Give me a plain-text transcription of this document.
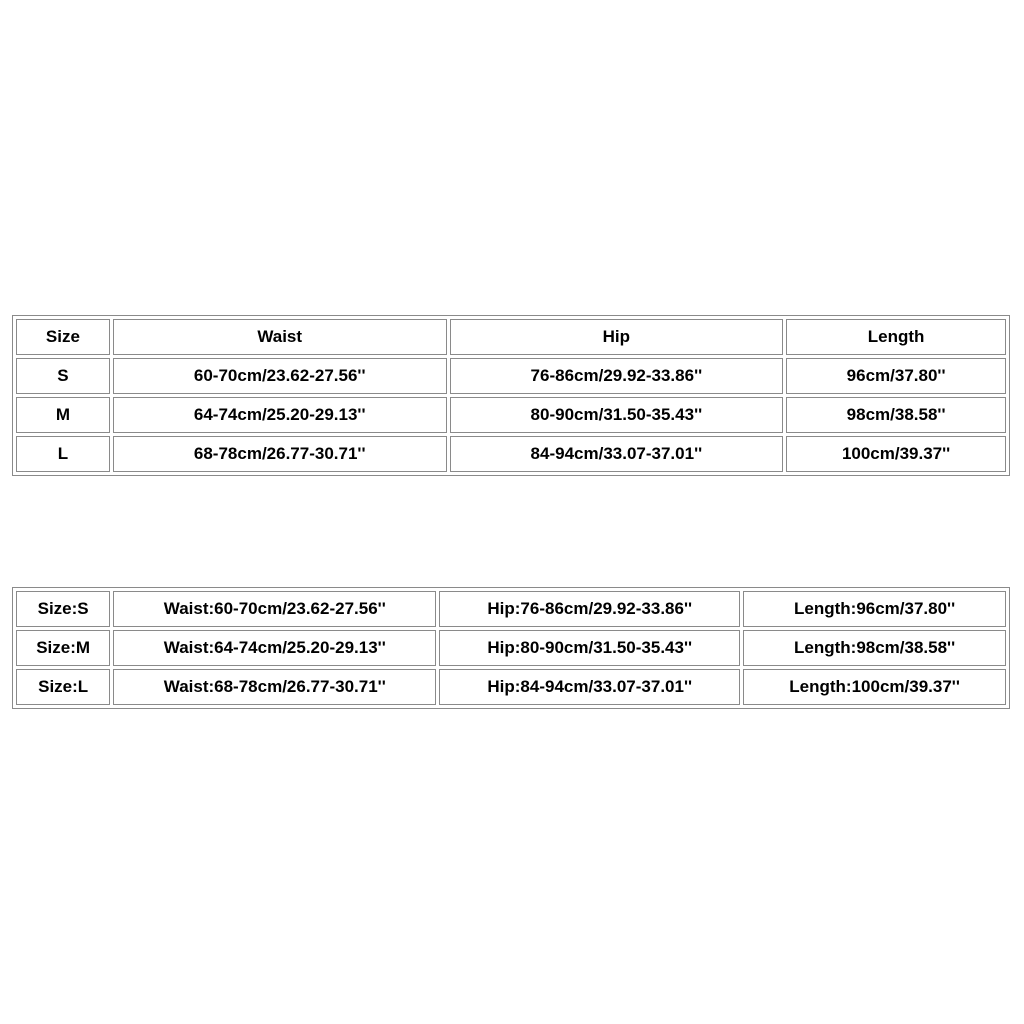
Size	Waist	Hip	Length
S	60-70cm/23.62-27.56''	76-86cm/29.92-33.86''	96cm/37.80''
M	64-74cm/25.20-29.13''	80-90cm/31.50-35.43''	98cm/38.58''
L	68-78cm/26.77-30.71''	84-94cm/33.07-37.01''	100cm/39.37''
Size:S	Waist:60-70cm/23.62-27.56''	Hip:76-86cm/29.92-33.86''	Length:96cm/37.80''
Size:M	Waist:64-74cm/25.20-29.13''	Hip:80-90cm/31.50-35.43''	Length:98cm/38.58''
Size:L	Waist:68-78cm/26.77-30.71''	Hip:84-94cm/33.07-37.01''	Length:100cm/39.37''
